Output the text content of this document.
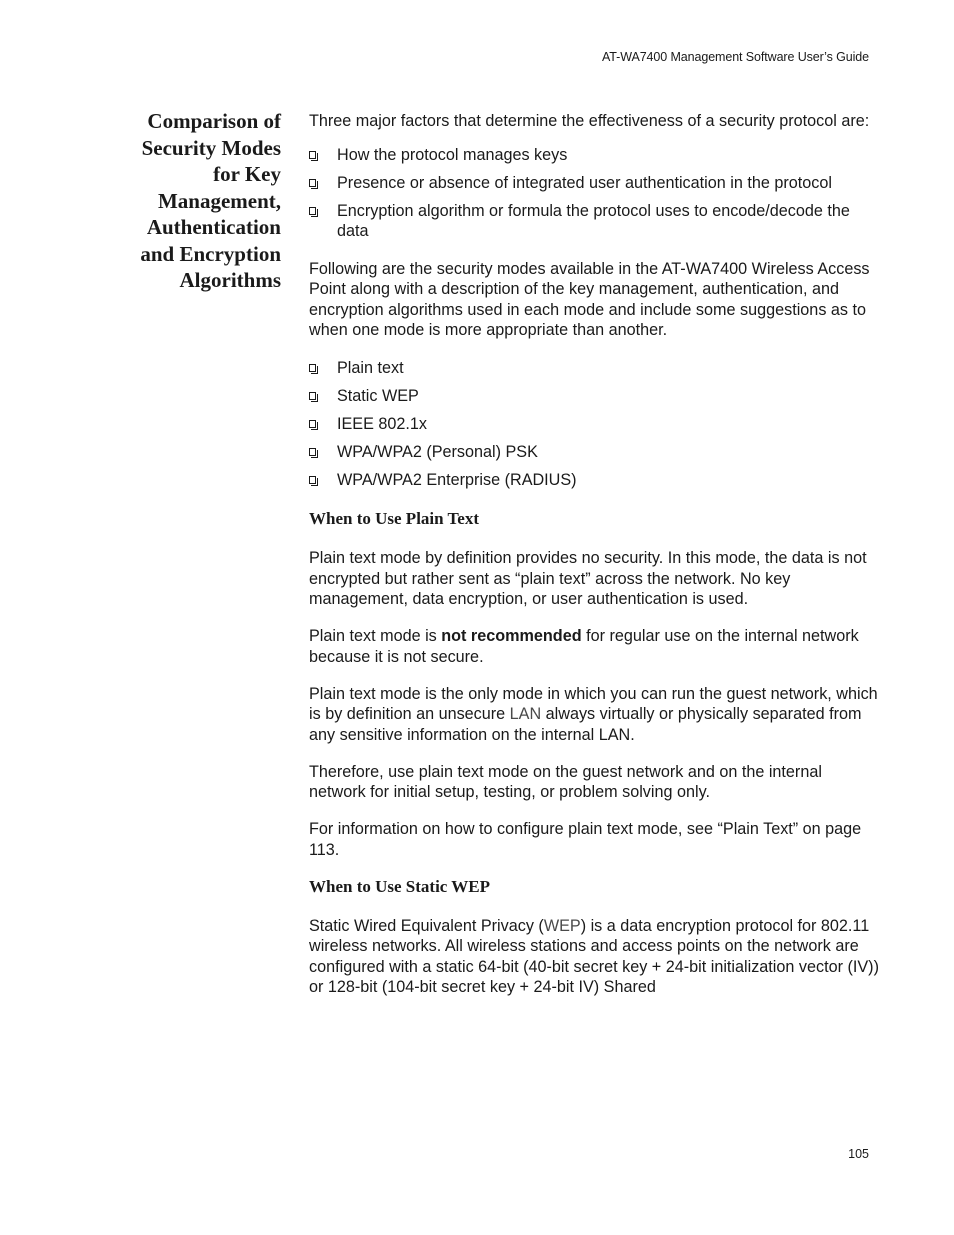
AT-WA7400 Management Software User’s Guide
Comparison of
Security Modes
for Key
Management,
Authentication
and Encryption
Algorithms

Three major factors that determine the effectiveness of a security protocol are:

How the protocol manages keys
Presence or absence of integrated user authentication in the protocol
Encryption algorithm or formula the protocol uses to encode/decode the data

Following are the security modes available in the AT-WA7400 Wireless Access Point along with a description of the key management, authentication, and encryption algorithms used in each mode and include some suggestions as to when one mode is more appropriate than another.

Plain text
Static WEP
IEEE 802.1x
WPA/WPA2 (Personal) PSK
WPA/WPA2 Enterprise (RADIUS)
When to Use Plain Text

Plain text mode by definition provides no security. In this mode, the data is not encrypted but rather sent as “plain text” across the network. No key management, data encryption, or user authentication is used.

Plain text mode is not recommended for regular use on the internal network because it is not secure.

Plain text mode is the only mode in which you can run the guest network, which is by definition an unsecure LAN always virtually or physically separated from any sensitive information on the internal LAN.

Therefore, use plain text mode on the guest network and on the internal network for initial setup, testing, or problem solving only.

For information on how to configure plain text mode, see “Plain Text” on page 113.

When to Use Static WEP

Static Wired Equivalent Privacy (WEP) is a data encryption protocol for 802.11 wireless networks. All wireless stations and access points on the network are configured with a static 64-bit (40-bit secret key + 24-bit initialization vector (IV)) or 128-bit (104-bit secret key + 24-bit IV) Shared

105
